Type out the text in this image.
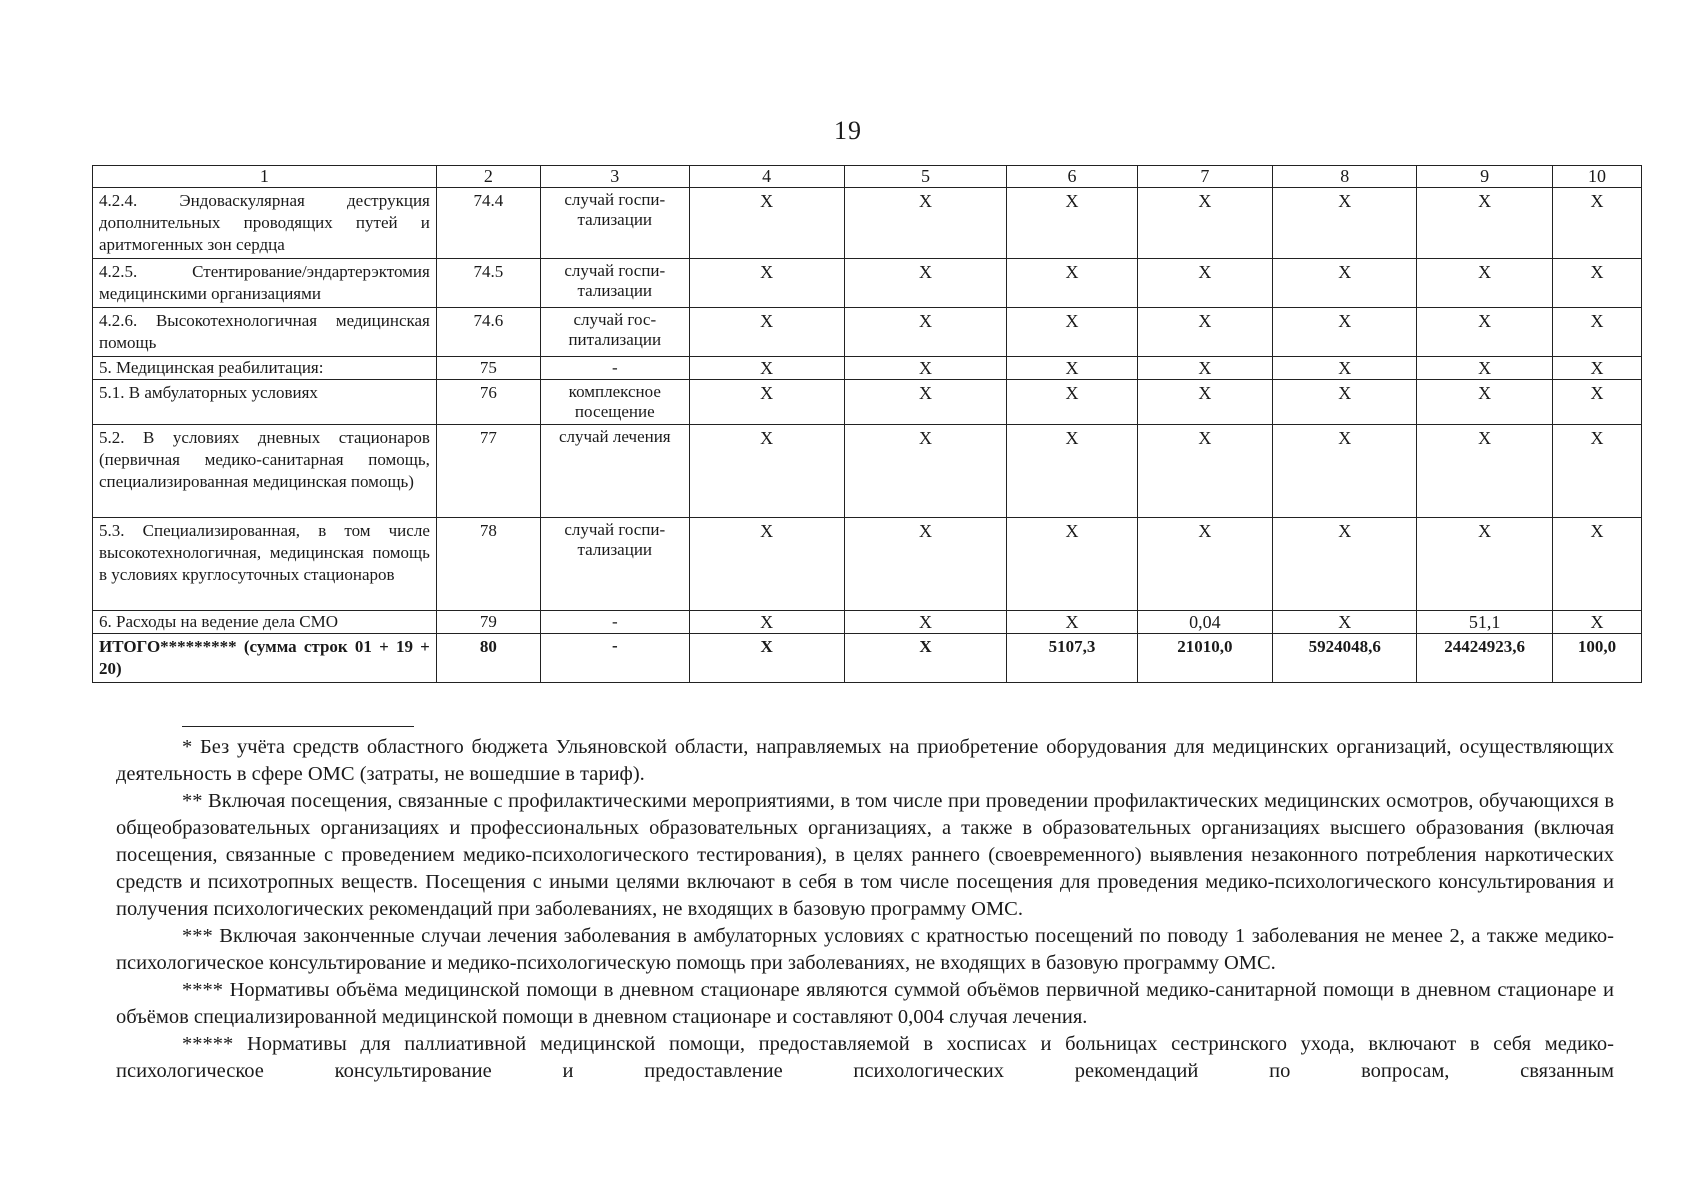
19
1	2	3	4	5	6	7	8	9	10
4.2.4. Эндоваскулярная деструкция дополнительных проводящих путей и аритмогенных зон сердца	74.4	случай госпи-тализации	X	X	X	X	X	X	X
4.2.5. Стентирование/эндартерэктомия медицинскими организациями	74.5	случай госпи-тализации	X	X	X	X	X	X	X
4.2.6. Высокотехнологичная медицинская помощь	74.6	случай гос-питализации	X	X	X	X	X	X	X
5. Медицинская реабилитация:	75	-	X	X	X	X	X	X	X
5.1. В амбулаторных условиях	76	комплексное посещение	X	X	X	X	X	X	X
5.2. В условиях дневных стационаров (первичная медико-санитарная помощь, специализированная медицинская помощь)	77	случай лечения	X	X	X	X	X	X	X
5.3. Специализированная, в том числе высокотехнологичная, медицинская помощь в условиях круглосуточных стационаров	78	случай госпи-тализации	X	X	X	X	X	X	X
6. Расходы на ведение дела СМО	79	-	X	X	X	0,04	X	51,1	X
ИТОГО********* (сумма строк 01 + 19 + 20)	80	-	X	X	5107,3	21010,0	5924048,6	24424923,6	100,0

* Без учёта средств областного бюджета Ульяновской области, направляемых на приобретение оборудования для медицинских организаций, осуществляющих деятельность в сфере ОМС (затраты, не вошедшие в тариф).

** Включая посещения, связанные с профилактическими мероприятиями, в том числе при проведении профилактических медицинских осмотров, обучающихся в общеобразовательных организациях и профессиональных образовательных организациях, а также в образовательных организациях высшего образования (включая посещения, связанные с проведением медико-психологического тестирования), в целях раннего (своевременного) выявления незаконного потребления наркотических средств и психотропных веществ. Посещения с иными целями включают в себя в том числе посещения для проведения медико-психологического консультирования и получения психологических рекомендаций при заболеваниях, не входящих в базовую программу ОМС.

*** Включая законченные случаи лечения заболевания в амбулаторных условиях с кратностью посещений по поводу 1 заболевания не менее 2, а также медико-психологическое консультирование и медико-психологическую помощь при заболеваниях, не входящих в базовую программу ОМС.

**** Нормативы объёма медицинской помощи в дневном стационаре являются суммой объёмов первичной медико-санитарной помощи в дневном стационаре и объёмов специализированной медицинской помощи в дневном стационаре и составляют 0,004 случая лечения.

***** Нормативы для паллиативной медицинской помощи, предоставляемой в хосписах и больницах сестринского ухода, включают в себя медико-психологическое консультирование и предоставление психологических рекомендаций по вопросам, связанным
